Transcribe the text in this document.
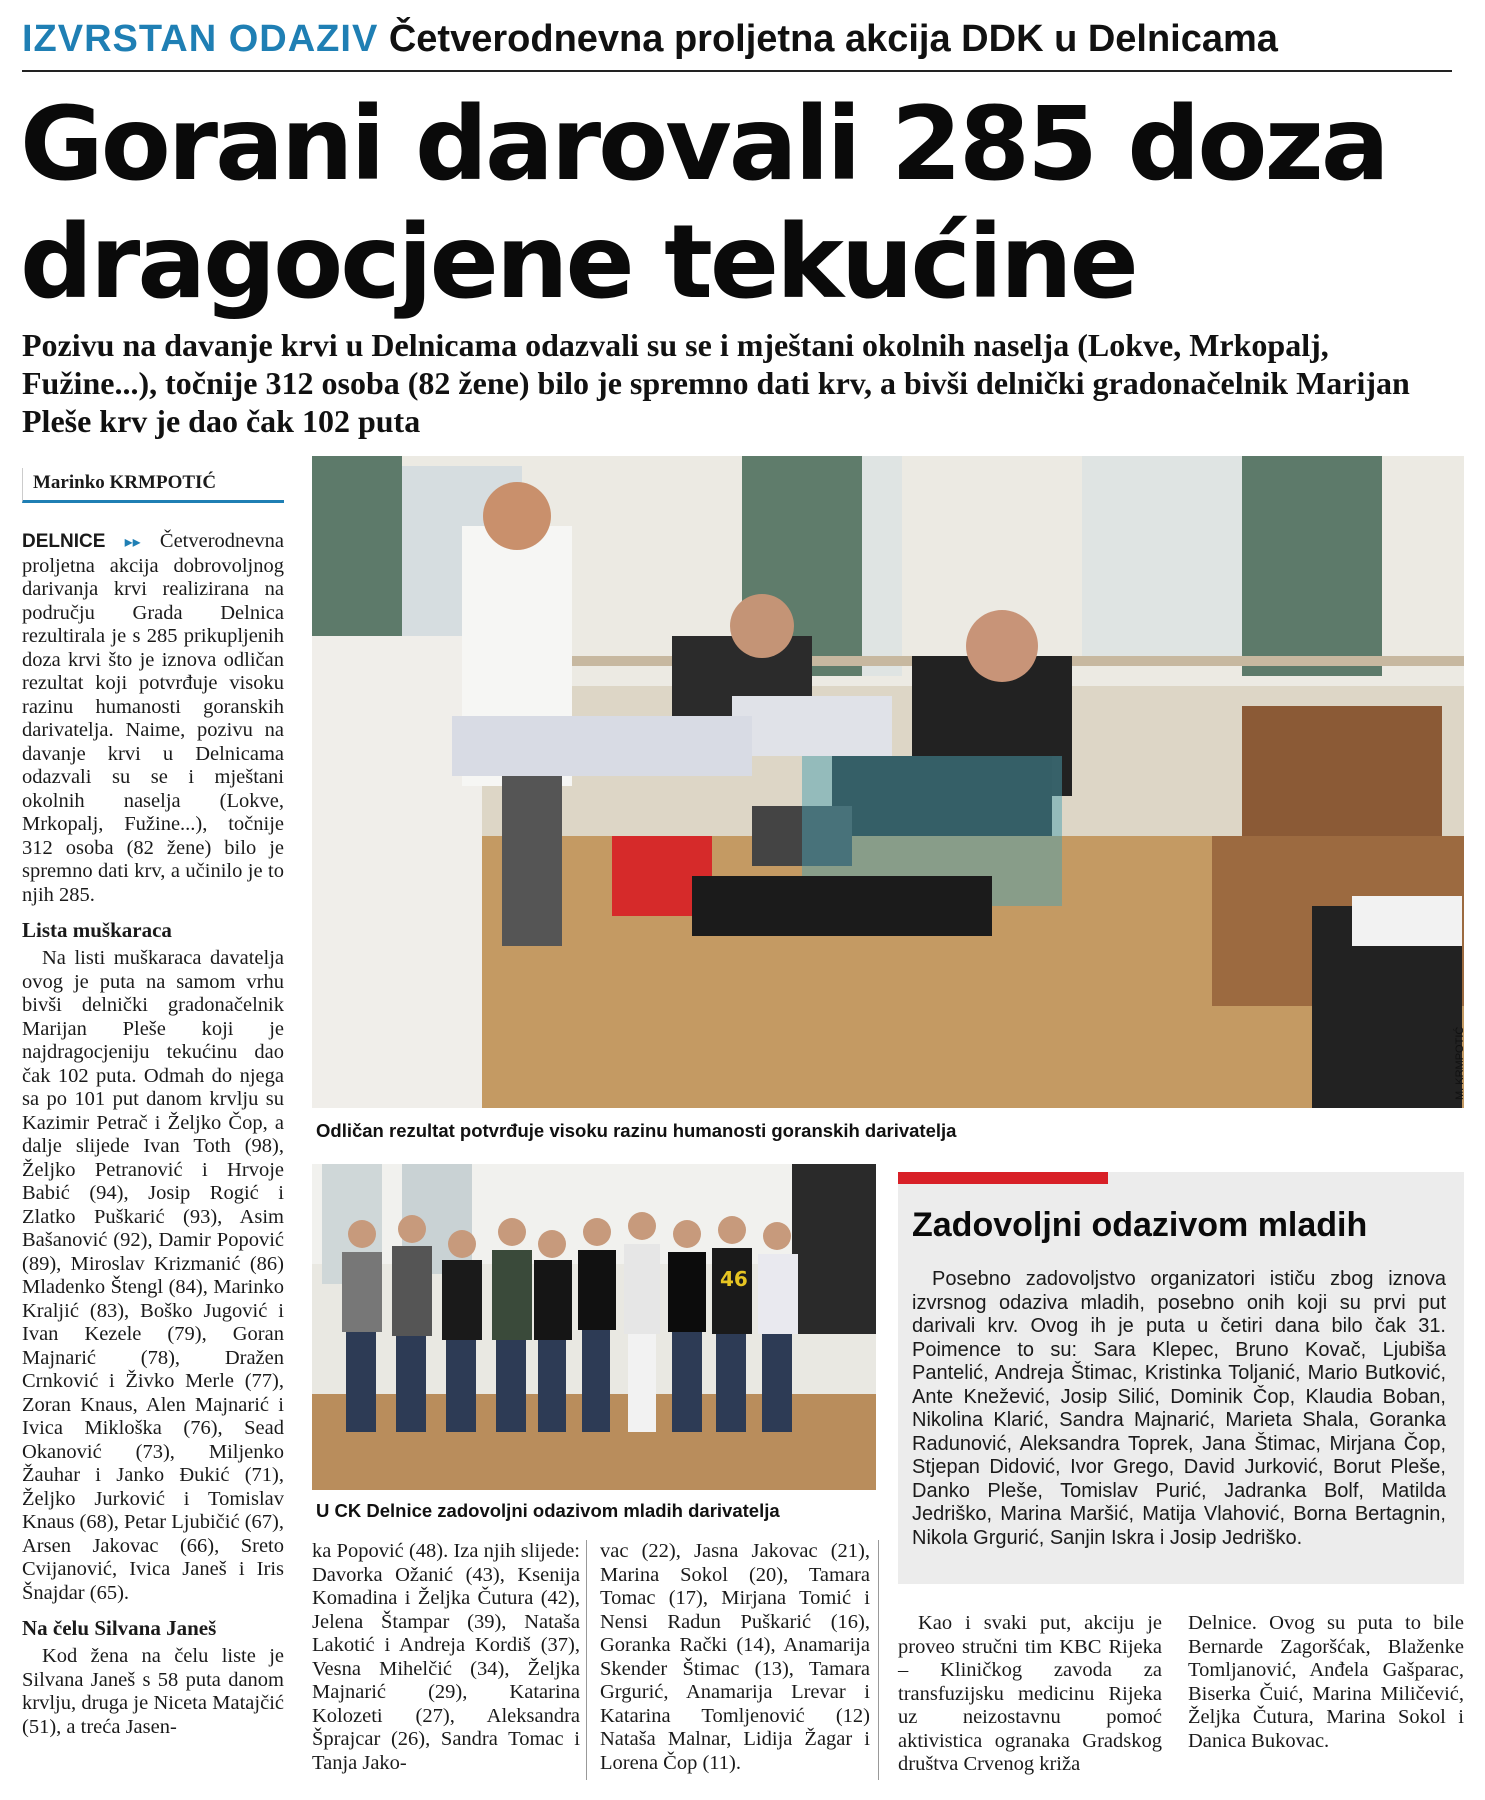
IZVRSTAN ODAZIV Četverodnevna proljetna akcija DDK u Delnicama
Gorani darovali 285 doza
dragocjene tekućine

Pozivu na davanje krvi u Delnicama odazvali su se i mještani okolnih naselja (Lokve, Mrkopalj, Fužine...), točnije 312 osoba (82 žene) bilo je spremno dati krv, a bivši delnički gradonačelnik Marijan Pleše krv je dao čak 102 puta

Marinko KRMPOTIĆ

DELNICE ▸▸ Četverodnevna proljetna akcija dobrovoljnog darivanja krvi realizirana na području Grada Delnica rezultirala je s 285 prikupljenih doza krvi što je iznova odličan rezultat koji potvrđuje visoku razinu humanosti goranskih darivatelja. Naime, pozivu na davanje krvi u Delnicama odazvali su se i mještani okolnih naselja (Lokve, Mrkopalj, Fužine...), točnije 312 osoba (82 žene) bilo je spremno dati krv, a učinilo je to njih 285.

Lista muškaraca

Na listi muškaraca davatelja ovog je puta na samom vrhu bivši delnički gradonačelnik Marijan Pleše koji je najdragocjeniju tekućinu dao čak 102 puta. Odmah do njega sa po 101 put danom krvlju su Kazimir Petrač i Željko Čop, a dalje slijede Ivan Toth (98), Željko Petranović i Hrvoje Babić (94), Josip Rogić i Zlatko Puškarić (93), Asim Bašanović (92), Damir Popović (89), Miroslav Krizmanić (86) Mladenko Štengl (84), Marinko Kraljić (83), Boško Jugović i Ivan Kezele (79), Goran Majnarić (78), Dražen Crnković i Živko Merle (77), Zoran Knaus, Alen Majnarić i Ivica Mikloška (76), Sead Okanović (73), Miljenko Žauhar i Janko Đukić (71), Željko Jurković i Tomislav Knaus (68), Petar Ljubičić (67), Arsen Jakovac (66), Sreto Cvijanović, Ivica Janeš i Iris Šnajdar (65).

Na čelu Silvana Janeš

Kod žena na čelu liste je Silvana Janeš s 58 puta danom krvlju, druga je Niceta Matajčić (51), a treća Jasen-

ka Popović (48). Iza njih slijede: Davorka Ožanić (43), Ksenija Komadina i Željka Čutura (42), Jelena Štampar (39), Nataša Lakotić i Andreja Kordiš (37), Vesna Mihelčić (34), Željka Majnarić (29), Katarina Kolozeti (27), Aleksandra Šprajcar (26), Sandra Tomac i Tanja Jako-

vac (22), Jasna Jakovac (21), Marina Sokol (20), Tamara Tomac (17), Mirjana Tomić i Nensi Radun Puškarić (16), Goranka Rački (14), Anamarija Skender Štimac (13), Tamara Grgurić, Anamarija Lrevar i Katarina Tomljenović (12) Nataša Malnar, Lidija Žagar i Lorena Čop (11).

Kao i svaki put, akciju je proveo stručni tim KBC Rijeka – Kliničkog zavoda za transfuzijsku medicinu Rijeka uz neizostavnu pomoć aktivistica ogranaka Gradskog društva Crvenog križa

Delnice. Ovog su puta to bile Bernarde Zagoršćak, Blaženke Tomljanović, Anđela Gašparac, Biserka Čuić, Marina Miličević, Željka Čutura, Marina Sokol i Danica Bukovac.

M. KRMPOTIĆ
Odličan rezultat potvrđuje visoku razinu humanosti goranskih darivatelja
46
U CK Delnice zadovoljni odazivom mladih darivatelja
Zadovoljni odazivom mladih

Posebno zadovoljstvo organizatori ističu zbog iznova izvrsnog odaziva mladih, posebno onih koji su prvi put darivali krv. Ovog ih je puta u četiri dana bilo čak 31. Poimence to su: Sara Klepec, Bruno Kovač, Ljubiša Pantelić, Andreja Štimac, Kristinka Toljanić, Mario Butković, Ante Knežević, Josip Silić, Dominik Čop, Klaudia Boban, Nikolina Klarić, Sandra Majnarić, Marieta Shala, Goranka Radunović, Aleksandra Toprek, Jana Štimac, Mirjana Čop, Stjepan Didović, Ivor Grego, David Jurković, Borut Pleše, Danko Pleše, Tomislav Purić, Jadranka Bolf, Matilda Jedriško, Marina Maršić, Matija Vlahović, Borna Bertagnin, Nikola Grgurić, Sanjin Iskra i Josip Jedriško.
